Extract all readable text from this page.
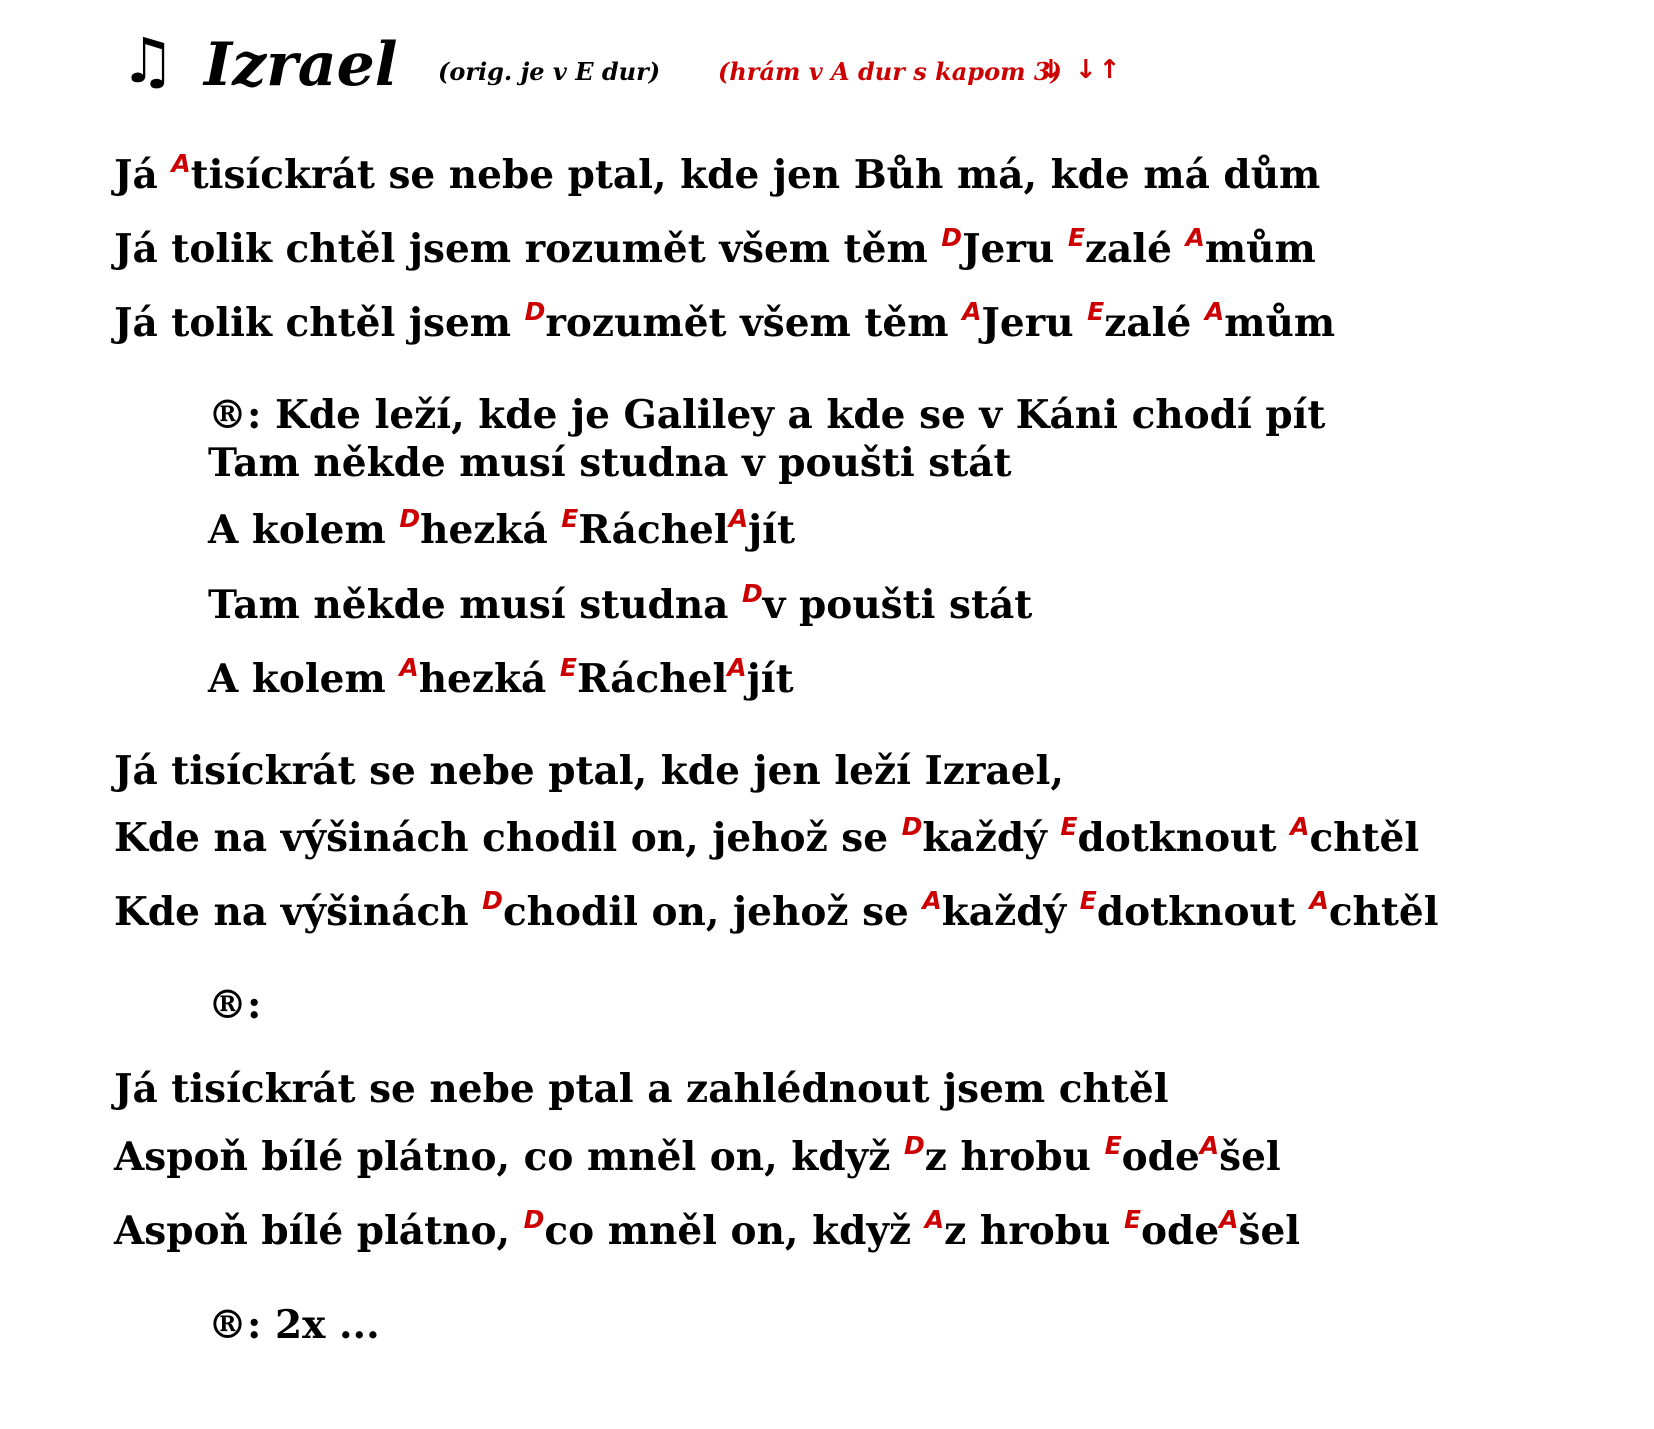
♫ Izrael (orig. je v E dur) (hrám v A dur s kapom 3)
↓ ↓↑
Já $^A$tisíckrát se nebe ptal, kde jen Bůh má, kde má dům
Já tolik chtěl jsem rozumět všem těm $^D$Jeru $^E$zalé $^A$mům
Já tolik chtěl jsem $^D$rozumět všem těm $^A$Jeru $^E$zalé $^A$mům
®: Kde leží, kde je Galiley a kde se v Káni chodí pít
Tam někde musí studna v poušti stát
A kolem $^D$hezká $^E$Ráchel$^A$jít
Tam někde musí studna $^D$v poušti stát
A kolem $^A$hezká $^E$Ráchel$^A$jít
Já tisíckrát se nebe ptal, kde jen leží Izrael,
Kde na výšinách chodil on, jehož se $^D$každý $^E$dotknout $^A$chtěl
Kde na výšinách $^D$chodil on, jehož se $^A$každý $^E$dotknout $^A$chtěl
®:
Já tisíckrát se nebe ptal a zahlédnout jsem chtěl
Aspoň bílé plátno, co mněl on, když $^D$z hrobu $^E$ode$^A$šel
Aspoň bílé plátno, $^D$co mněl on, když $^A$z hrobu $^E$ode$^A$šel
®: 2x ...
